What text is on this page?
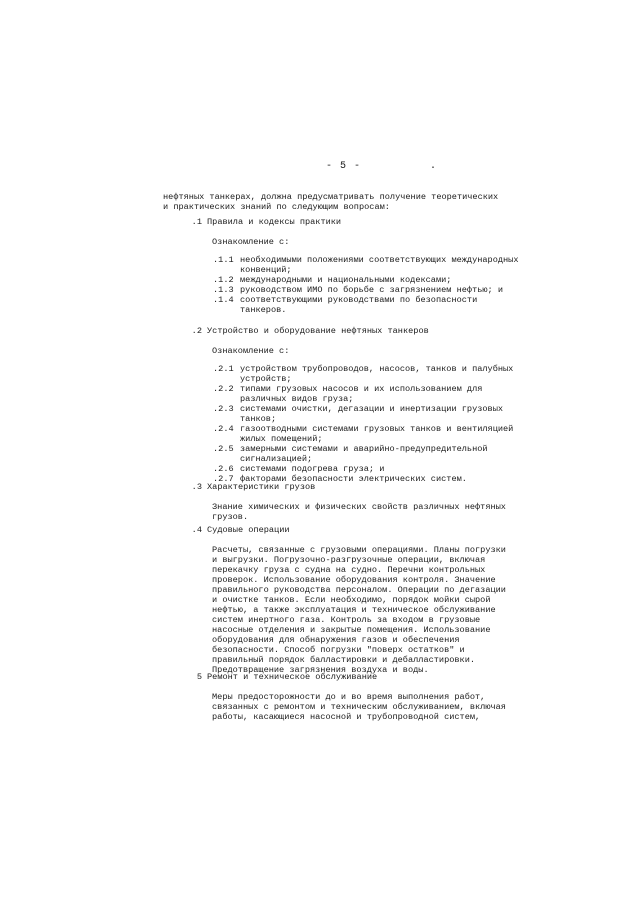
- 5 -	.
нефтяных танкерах, должна предусматривать получение теоретических и практических знаний по следующим вопросам:
.1 Правила и кодексы практики
Ознакомление с:
.1.1 необходимыми положениями соответствующих международных конвенций;
.1.2 международными и национальными кодексами;
.1.3 руководством ИМО по борьбе с загрязнением нефтью; и
.1.4 соответствующими руководствами по безопасности танкеров.
.2 Устройство и оборудование нефтяных танкеров
Ознакомление с:
.2.1 устройством трубопроводов, насосов, танков и палубных устройств;
.2.2 типами грузовых насосов и их использованием для различных видов груза;
.2.3 системами очистки, дегазации и инертизации грузовых танков;
.2.4 газоотводными системами грузовых танков и вентиляцией жилых помещений;
.2.5 замерными системами и аварийно-предупредительной сигнализацией;
.2.6 системами подогрева груза; и
.2.7 факторами безопасности электрических систем.
.3 Характеристики грузов
Знание химических и физических свойств различных нефтяных грузов.
.4 Судовые операции
Расчеты, связанные с грузовыми операциями. Планы погрузки и выгрузки. Погрузочно-разгрузочные операции, включая перекачку груза с судна на судно. Перечни контрольных проверок. Использование оборудования контроля. Значение правильного руководства персоналом. Операции по дегазации и очистке танков. Если необходимо, порядок мойки сырой нефтью, а также эксплуатация и техническое обслуживание систем инертного газа. Контроль за входом в грузовые насосные отделения и закрытые помещения. Использование оборудования для обнаружения газов и обеспечения безопасности. Способ погрузки "поверх остатков" и правильный порядок балластировки и дебалластировки. Предотвращение загрязнения воздуха и воды.
5 Ремонт и техническое обслуживание
Меры предосторожности до и во время выполнения работ, связанных с ремонтом и техническим обслуживанием, включая работы, касающиеся насосной и трубопроводной систем,
